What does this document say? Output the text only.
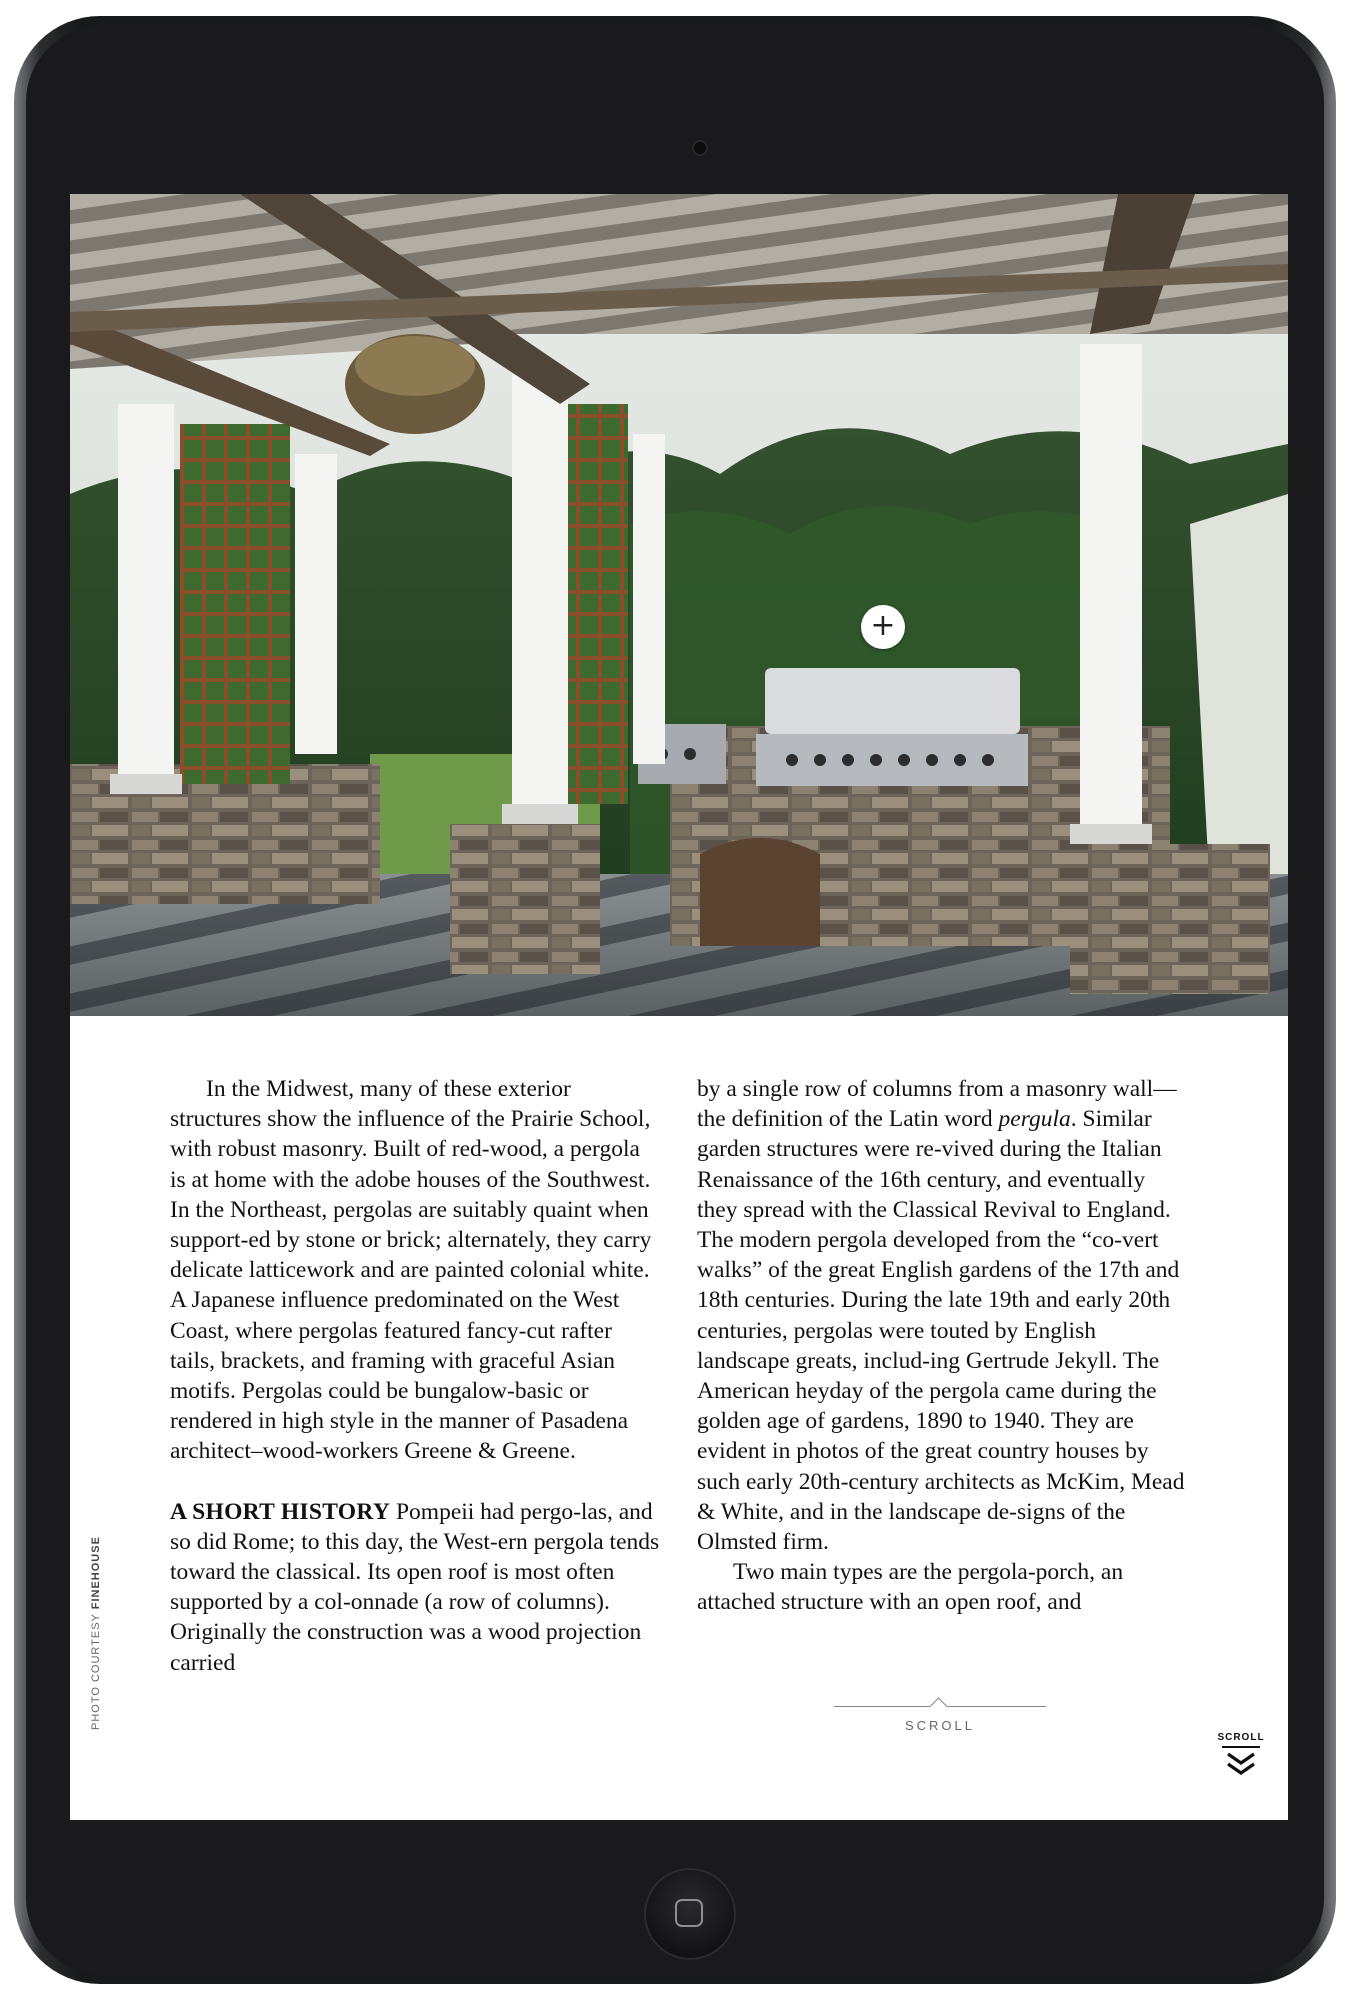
+

In the Midwest, many of these exterior structures show the influence of the Prairie School, with robust masonry. Built of red-wood, a pergola is at home with the adobe houses of the Southwest. In the Northeast, pergolas are suitably quaint when support-ed by stone or brick; alternately, they carry delicate latticework and are painted colonial white. A Japanese influence predominated on the West Coast, where pergolas featured fancy-cut rafter tails, brackets, and framing with graceful Asian motifs. Pergolas could be bungalow-basic or rendered in high style in the manner of Pasadena architect–wood-workers Greene & Greene.

A SHORT HISTORY Pompeii had pergo-las, and so did Rome; to this day, the West-ern pergola tends toward the classical. Its open roof is most often supported by a col-onnade (a row of columns). Originally the construction was a wood projection carried

by a single row of columns from a masonry wall—the definition of the Latin word pergula. Similar garden structures were re-vived during the Italian Renaissance of the 16th century, and eventually they spread with the Classical Revival to England. The modern pergola developed from the “co-vert walks” of the great English gardens of the 17th and 18th centuries. During the late 19th and early 20th centuries, pergolas were touted by English landscape greats, includ-ing Gertrude Jekyll. The American heyday of the pergola came during the golden age of gardens, 1890 to 1940. They are evident in photos of the great country houses by such early 20th-century architects as McKim, Mead & White, and in the landscape de-signs of the Olmsted firm.

Two main types are the pergola-porch, an attached structure with an open roof, and

PHOTO COURTESY FINEHOUSE
SCROLL
SCROLL
